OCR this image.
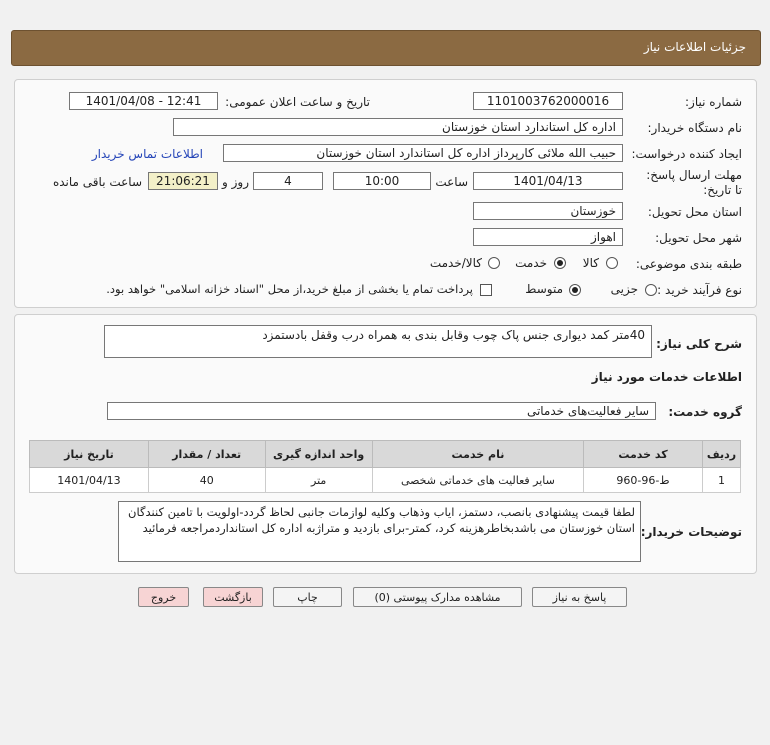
جزئیات اطلاعات نیاز
شماره نیاز:
1101003762000016
تاریخ و ساعت اعلان عمومی:
1401/04/08 - 12:41
نام دستگاه خریدار:
اداره کل استاندارد استان خوزستان
ایجاد کننده درخواست:
حبیب الله ملائی کارپرداز اداره کل استاندارد استان خوزستان
اطلاعات تماس خریدار
مهلت ارسال پاسخ: تا تاریخ:
1401/04/13
ساعت
10:00
4
روز و
21:06:21
ساعت باقی مانده
استان محل تحویل:
خوزستان
شهر محل تحویل:
اهواز
طبقه بندی موضوعی:
کالا
خدمت
کالا/خدمت
نوع فرآیند خرید :
جزیی
متوسط
پرداخت تمام یا بخشی از مبلغ خرید،از محل "اسناد خزانه اسلامی" خواهد بود.
شرح کلی نیاز:
40متر کمد دیواری جنس پاک چوب وقابل بندی به همراه درب وقفل بادستمزد
اطلاعات خدمات مورد نیاز
گروه خدمت:
سایر فعالیت‌های خدماتی
ردیف	کد خدمت	نام خدمت	واحد اندازه گیری	تعداد / مقدار	تاریخ نیاز
1	ط-96-960	سایر فعالیت های خدماتی شخصی	متر	40	1401/04/13
توضیحات خریدار:
لطفا قیمت پیشنهادی بانصب، دستمز، ایاب وذهاب وکلیه لوازمات جانبی لحاظ گردد-اولویت با تامین کنندگان استان خوزستان می باشدبخاطرهزینه کرد، کمتر-برای بازدید و متراژبه اداره کل استانداردمراجعه فرمائید
پاسخ به نیاز
مشاهده مدارک پیوستی (0)
چاپ
بازگشت
خروج
